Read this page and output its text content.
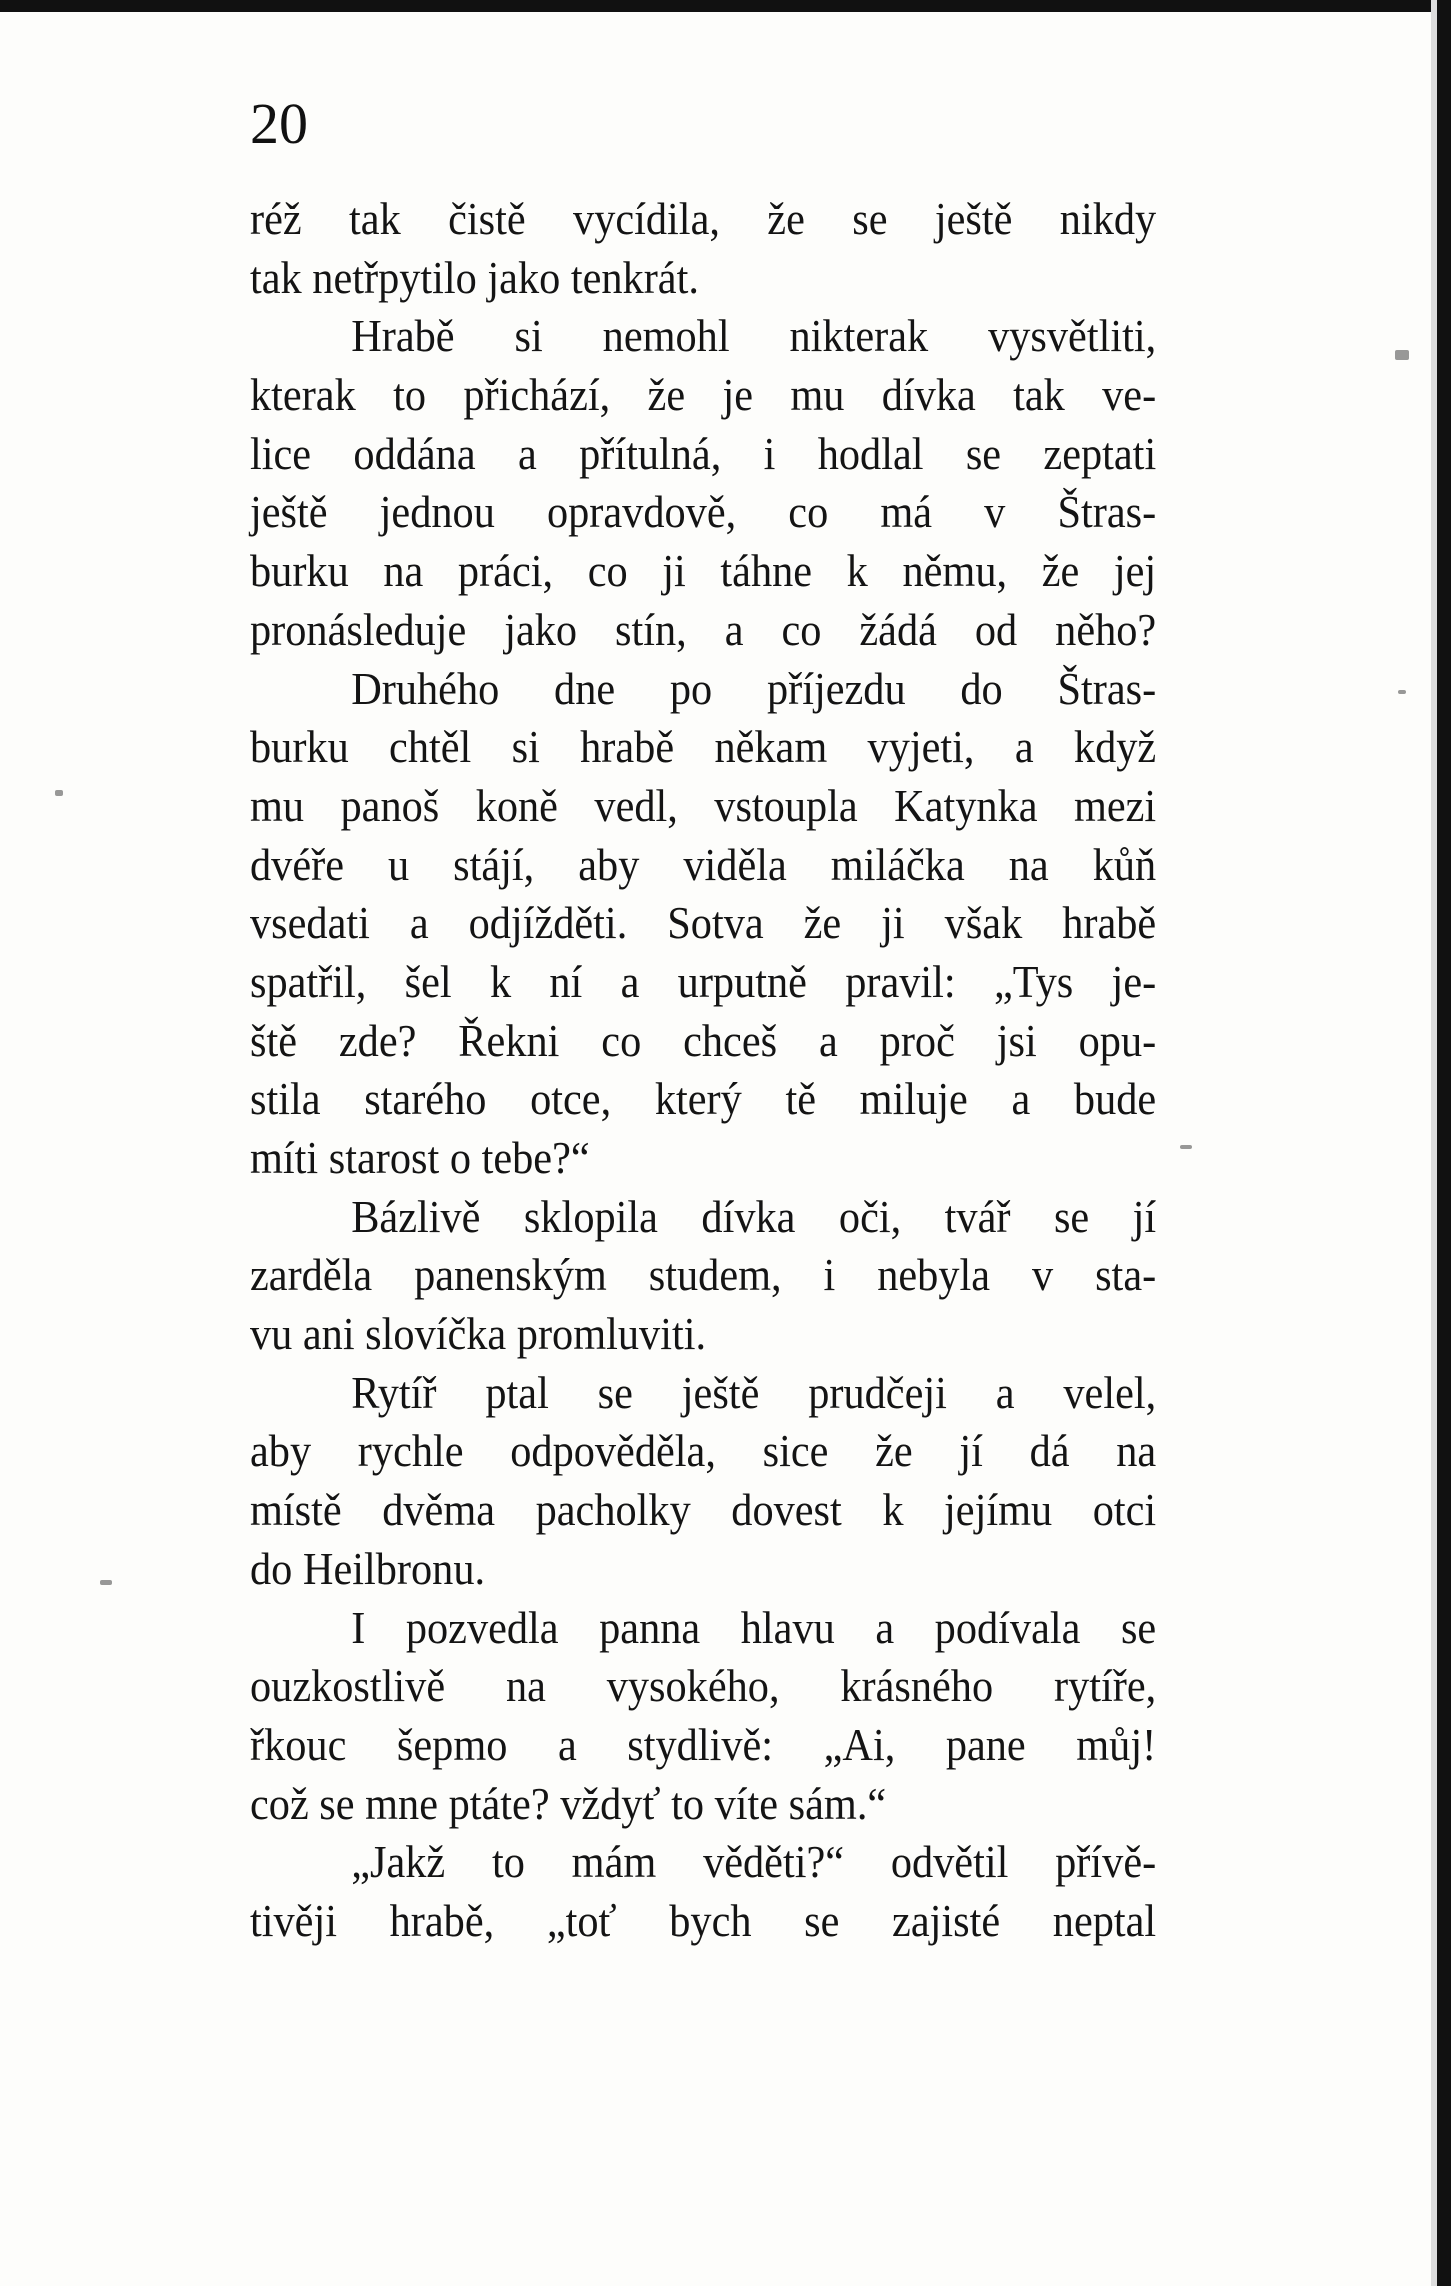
20
réž tak čistě vycídila, že se ještě nikdy
tak netřpytilo jako tenkrát.
Hrabě si nemohl nikterak vysvětliti,
kterak to přichází, že je mu dívka tak ve-
lice oddána a přítulná, i hodlal se zeptati
ještě jednou opravdově, co má v Štras-
burku na práci, co ji táhne k němu, že jej
pronásleduje jako stín, a co žádá od něho?
Druhého dne po příjezdu do Štras-
burku chtěl si hrabě někam vyjeti, a když
mu panoš koně vedl, vstoupla Katynka mezi
dvéře u stájí, aby viděla miláčka na kůň
vsedati a odjížděti. Sotva že ji však hrabě
spatřil, šel k ní a urputně pravil: „Tys je-
ště zde? Řekni co chceš a proč jsi opu-
stila starého otce, který tě miluje a bude
míti starost o tebe?“
Bázlivě sklopila dívka oči, tvář se jí
zarděla panenským studem, i nebyla v sta-
vu ani slovíčka promluviti.
Rytíř ptal se ještě prudčeji a velel,
aby rychle odpověděla, sice že jí dá na
místě dvěma pacholky dovest k jejímu otci
do Heilbronu.
I pozvedla panna hlavu a podívala se
ouzkostlivě na vysokého, krásného rytíře,
řkouc šepmo a stydlivě: „Ai, pane můj!
což se mne ptáte? vždyť to víte sám.“
„Jakž to mám věděti?“ odvětil přívě-
tivěji hrabě, „toť bych se zajisté neptal
